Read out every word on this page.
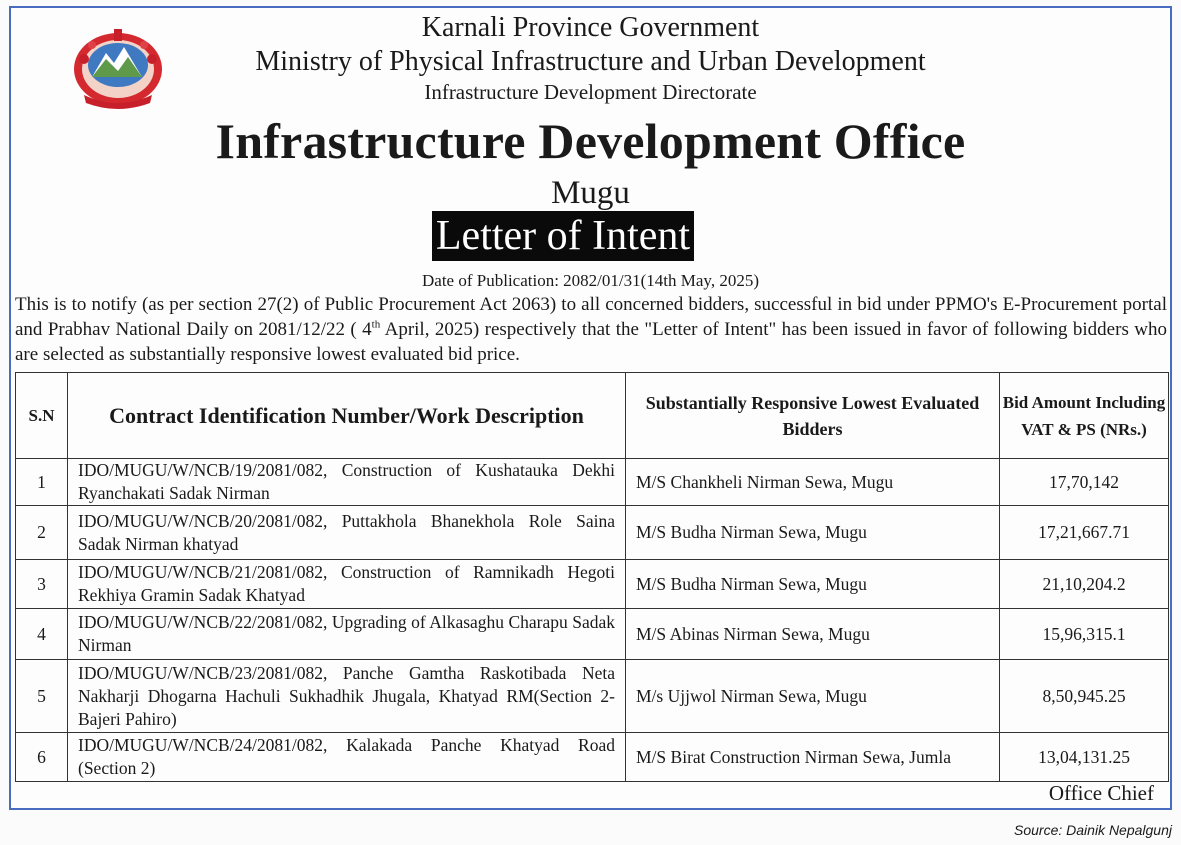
Karnali Province Government
Ministry of Physical Infrastructure and Urban Development
Infrastructure Development Directorate
Infrastructure Development Office
Mugu
Letter of Intent
Date of Publication: 2082/01/31(14th May, 2025)

This is to notify (as per section 27(2) of Public Procurement Act 2063) to all concerned bidders, successful in bid under PPMO's E-Procurement portal and Prabhav National Daily on 2081/12/22 ( 4th April, 2025) respectively that the "Letter of Intent" has been issued in favor of following bidders who are selected as substantially responsive lowest evaluated bid price.

S.N	Contract Identification Number/Work Description	Substantially Responsive Lowest Evaluated Bidders	Bid Amount Including VAT & PS (NRs.)
1	IDO/MUGU/W/NCB/19/2081/082, Construction of Kushatauka Dekhi Ryanchakati Sadak Nirman	M/S Chankheli Nirman Sewa, Mugu	17,70,142
2	IDO/MUGU/W/NCB/20/2081/082, Puttakhola Bhanekhola Role Saina Sadak Nirman khatyad	M/S Budha Nirman Sewa, Mugu	17,21,667.71
3	IDO/MUGU/W/NCB/21/2081/082, Construction of Ramnikadh Hegoti Rekhiya Gramin Sadak Khatyad	M/S Budha Nirman Sewa, Mugu	21,10,204.2
4	IDO/MUGU/W/NCB/22/2081/082, Upgrading of Alkasaghu Charapu Sadak Nirman	M/S Abinas Nirman Sewa, Mugu	15,96,315.1
5	IDO/MUGU/W/NCB/23/2081/082, Panche Gamtha Raskotibada Neta Nakharji Dhogarna Hachuli Sukhadhik Jhugala, Khatyad RM(Section 2-Bajeri Pahiro)	M/s Ujjwol Nirman Sewa, Mugu	8,50,945.25
6	IDO/MUGU/W/NCB/24/2081/082, Kalakada Panche Khatyad Road (Section 2)	M/S Birat Construction Nirman Sewa, Jumla	13,04,131.25
Office Chief
Source: Dainik Nepalgunj
